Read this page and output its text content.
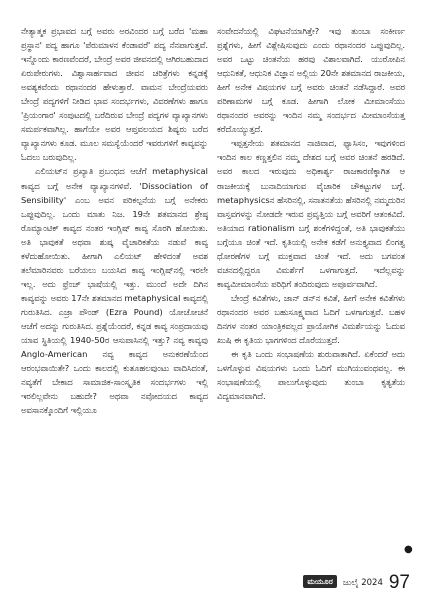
ನೇತ್ಯಾತ್ಮಕ ಪ್ರಭಾವದ ಬಗ್ಗೆ ಅವರು ಅರವಿಂದರ ಬಗ್ಗೆ ಬರೆದ 'ಮಹಾ ಪ್ರಸ್ಥಾನ' ಪದ್ಯ ಹಾಗೂ 'ಪೆರುಮಾಳನ ಕೆಂಡಾವರೆ' ಪದ್ಯ ನೆನಪಾಗುತ್ತವೆ. ಇನ್ನೊಂದು ಕಾರಣವೆಂದರೆ, ಬೇಂದ್ರೆ ಅವರ ಜೀವನದಲ್ಲಿ ಆಗಿರಬಹುದಾದ ಏರುಪೇರುಗಳು. ವಿಶ್ವಾಸಾರ್ಹವಾದ ಜೀವನ ಚರಿತ್ರೆಗಳು ಕನ್ನಡಕ್ಕೆ ಅವಶ್ಯಕವೆಂದು ರಥಾನಂದರ ಹೇಳುತ್ತಾರೆ. ವಾಮನ ಬೇಂದ್ರೆಯವರು ಬೇಂದ್ರೆ ಪದ್ಯಗಳಿಗೆ ನೀಡಿದ ಭಾವ ಸಂದರ್ಭಗಳು, ವಿವರಣೆಗಳು ಹಾಗೂ 'ಪ್ರಿಯಂಗಾರ' ಸಂಪುಟದಲ್ಲಿ ಬರೆದಿರುವ ಬೇಂದ್ರೆ ಪದ್ಯಗಳ ವ್ಯಾಖ್ಯಾನಗಳು ಸಮರ್ಪಕವಾಗಿಲ್ಲ. ಹಾಗೆಯೇ ಅವರ ಆಪ್ತವಲಯದ ಶಿಷ್ಯರು ಬರೆದ ವ್ಯಾಖ್ಯಾನಗಳು ಕೂಡ. ಮೂಲ ಸಮಸ್ಯೆಯೆಂದರೆ ಇವರುಗಳಿಗೆ ಕಾವ್ಯವನ್ನು ಓದಲು ಬರುವುದಿಲ್ಲ.

ಎಲಿಯಟ್‌ನ ಪ್ರಖ್ಯಾತಿ ಪ್ರಬಂಧದ ಆಚೆಗೆ metaphysical ಕಾವ್ಯದ ಬಗ್ಗೆ ಅನೇಕ ವ್ಯಾಖ್ಯಾನಗಳಿವೆ. 'Dissociation of Sensibility' ಎಂಬ ಅವನ ಪರಿಕಲ್ಪನೆಯ ಬಗ್ಗೆ ಅನೇಕರು ಒಪ್ಪುವುದಿಲ್ಲ. ಒಂದು ಮಾತು ನಿಜ. 19ನೇ ಶತಮಾನದ ಶ್ರೇಷ್ಠ ರೊಮ್ಯಾಂಟಿಕ್ ಕಾವ್ಯದ ನಂತರ ಇಂಗ್ಲಿಷ್ ಕಾವ್ಯ ಸೊರಗಿ ಹೋಯಿತು. ಅತಿ ಭಾವುಕತೆ ಅಥವಾ ಶುಷ್ಕ ವೈಚಾರಿಕತೆಯ ನಡುವೆ ಕಾವ್ಯ ಕಳೆದುಹೋಯಿತು. ಹೀಗಾಗಿ ಎಲಿಯಟ್ ಹೇಳಿದಂತೆ ಅವಶ ತಲೆಮಾರಿನವರು ಬರೆಯಲು ಬಯಸಿದ ಕಾವ್ಯ ಇಂಗ್ಲಿಷ್‌ನಲ್ಲಿ ಇರಲೇ ಇಲ್ಲ. ಅದು ಫ್ರೆಂಚ್ ಭಾಷೆಯಲ್ಲಿ ಇತ್ತು. ಮುಂದೆ ಅದೇ ದಿಗಿನ ಕಾವ್ಯವನ್ನು ಅವರು 17ನೇ ಶತಮಾನದ metaphysical ಕಾವ್ಯದಲ್ಲಿ ಗುರುತಿಸಿದ. ಎಜ್ರಾ ಪೌಂಡ್ (Ezra Pound) ಯೋಚೋಚನೆ ಆಚೆಗೆ ಅದನ್ನು ಗುರುತಿಸಿದ. ಪ್ರಶ್ನೆಯೆಂದರೆ, ಕನ್ನಡ ಕಾವ್ಯ ಸಂಪ್ರದಾಯವು ಯಾವ ಸ್ಥಿತಿಯಲ್ಲಿ 1940-50ರ ಆಸುಪಾಸಿನಲ್ಲಿ ಇತ್ತು? ನವ್ಯ ಕಾವ್ಯವು Anglo-American ನವ್ಯ ಕಾವ್ಯದ ಅನುಕರಣೆಯೆಂದ ಆರಂಭವಾಯಿತೇ? ಒಂದು ಕಾಲದಲ್ಲಿ ಕುತೂಹಲವುಂಟು ವಾದಿಸಿದಂತೆ, ನವ್ಯತೆಗೆ ಬೇಕಾದ ಸಾಮಾಜಿಕ-ಸಾಂಸ್ಕೃತಿಕ ಸಂದರ್ಭಗಳು ಇಲ್ಲಿ ಇರಲಿಲ್ಲವೇನು ಬಹುದೇ? ಅಥವಾ ನವೋದಯದ ಕಾವ್ಯದ ಅವಸಾನಕ್ಕೊಂದಿಗೆ ಇಲ್ಲಿಯೂ

ಸಂವೇದನೆಯಲ್ಲಿ ವಿಘಟನೆಯಾಗಿತ್ತೇ? ಇವು ತುಂಬಾ ಸಂಕೀರ್ಣ ಪ್ರಶ್ನೆಗಳು, ಹೀಗೆ ವಿಶ್ಲೇಷಿಸುವುದು ಎಂದು ರಥಾನಂದರ ಒಪ್ಪುವುದಿಲ್ಲ. ಅವರ ಒಟ್ಟು ಚಿಂತನೆಯ ಹರವು ವಿಶಾಲವಾಗಿದೆ. ಯುರೋಪಿನ ಆಧುನಿಕತೆ, ಆಧುನಿಕ ವಿಜ್ಞಾನ ಅಲ್ಲಿಯ 20ನೇ ಶತಮಾನದ ರಾಜಕೀಯ, ಹೀಗೆ ಅನೇಕ ವಿಷಯಗಳ ಬಗ್ಗೆ ಅವರು ಚಿಂತನೆ ನಡೆಸಿದ್ದಾರೆ. ಅವರ ಪರಿಣಾಮಗಳ ಬಗ್ಗೆ ಕೂಡ. ಹೀಗಾಗಿ ಲೋಕ ಮೀಮಾಂಸೆಯು ರಥಾನಂದರ ಅವರನ್ನು ಇಂದಿನ ನಮ್ಮ ಸಂದರ್ಭದ ಮೀಮಾಂಸೆಯತ್ತ ಕರೆದೊಯ್ಯುತ್ತದೆ.

ಇಪ್ಪತ್ತನೇಯ ಶತಮಾನದ ನಾಜಿವಾದ, ಫ್ಯಾಸಿಸಂ, ಇವುಗಳಿಂದ ಇಂದಿನ ಕಾಲ ಕಣ್ಣತ್ತಲಿನ ನಮ್ಮ ದೇಶದ ಬಗ್ಗೆ ಅವರ ಚಿಂತನೆ ಹರಡಿದೆ. ಅವರ ಕಾಲದ ಇರುವುದು ಅಧಿಕಾರ್ಶ್ಯ ರಾಜಕಾರಣಿಕ್ಕಾಗಿತ ಆ ರಾಜಕೀಯಕ್ಕೆ ಬುನಾದಿಯಾಗುವ ವೈಚಾರಿಕ ಚೌಕಟ್ಟುಗಳ ಬಗ್ಗೆ. metaphysicsನ ಹೆಸರಿನಲ್ಲಿ, ಸನಾತನತೆಯ ಹೆಸರಿನಲ್ಲಿ ನಮ್ಮದುರಿನ ವಾಸ್ತವಗಳನ್ನು ನೋಡದೇ ಇರುವ ಪ್ರವೃತ್ತಿಯ ಬಗ್ಗೆ ಅವರಿಗೆ ಆತಂಕವಿದೆ. ಅತಿಯಾದ rationalism ಬಗ್ಗೆ ಶಂಕೆಗಳಿದ್ದಂತೆ, ಅತಿ ಭಾವುಕತೆಯು ಬಗ್ಗೆಯೂ ಚಿಂತೆ ಇದೆ. ಕೃತಿಯಲ್ಲಿ ಅನೇಕ ಕಡೆಗೆ ಅನುಕ್ತ್ಯವಾದ ಲಿಂಗತ್ವ ಧೋರಣೆಗಳ ಬಗ್ಗೆ ಮುಕ್ತವಾದ ಚಿಂತೆ ಇದೆ. ಅದು ಬಗವಂತ ವಚನದಲ್ಲಿದ್ದರೂ ವಿಮರ್ಶೆಗೆ ಒಳಗಾಗುತ್ತದೆ. ಇದೆಲ್ಲವನ್ನು ಕಾವ್ಯಮೀಮಾಂಸೆಯ ಪರಿಧಿಗೆ ತಂದಿರುವುದು ಅಪೂರ್ವವಾಗಿದೆ.

ಬೇಂದ್ರೆ ಕವಿತೆಗಳು, ಜಾನ್ ಡನ್‌ನ ಕವಿತೆ, ಹೀಗೆ ಅನೇಕ ಕವಿತೆಗಳು ರಥಾನಂದರ ಅವರ ಬಹುಸೂಕ್ಷ್ಮವಾದ ಓದಿಗೆ ಒಳಗಾಗುತ್ತವೆ. ಬಹಳ ದಿನಗಳ ನಂತರ ಯಾಂತ್ರಿಕವಲ್ಲದ ಪ್ರಾಯೋಗಿಕ ವಿಮರ್ಶೆಯನ್ನು ಓದುವ ಖುಷಿ ಈ ಕೃತಿಯ ಭಾಗಗಳಿಂದ ದೊರೆಯುತ್ತದೆ.

ಈ ಕೃತಿ ಒಂದು ಸಂಭಾಷಣೆಯ ಶುರುವಾತಾಗಿದೆ. ಏಕೆಂದರೆ ಅದು ಒಳಗೊಳ್ಳುವ ವಿಷಯಗಳು ಒಂದು ಓದಿಗೆ ಮುಗಿಯುವಂಥವಲ್ಲ. ಈ ಸಂಭಾಷಣೆಯಲ್ಲಿ ಪಾಲುಗೊಳ್ಳುವುದು ತುಂಬಾ ಕೃತ್ಯತೆಯ ವಿದ್ಯಮಾನವಾಗಿದೆ.

●
ಮಯೂರ	ಜುಲೈ 2024 97
